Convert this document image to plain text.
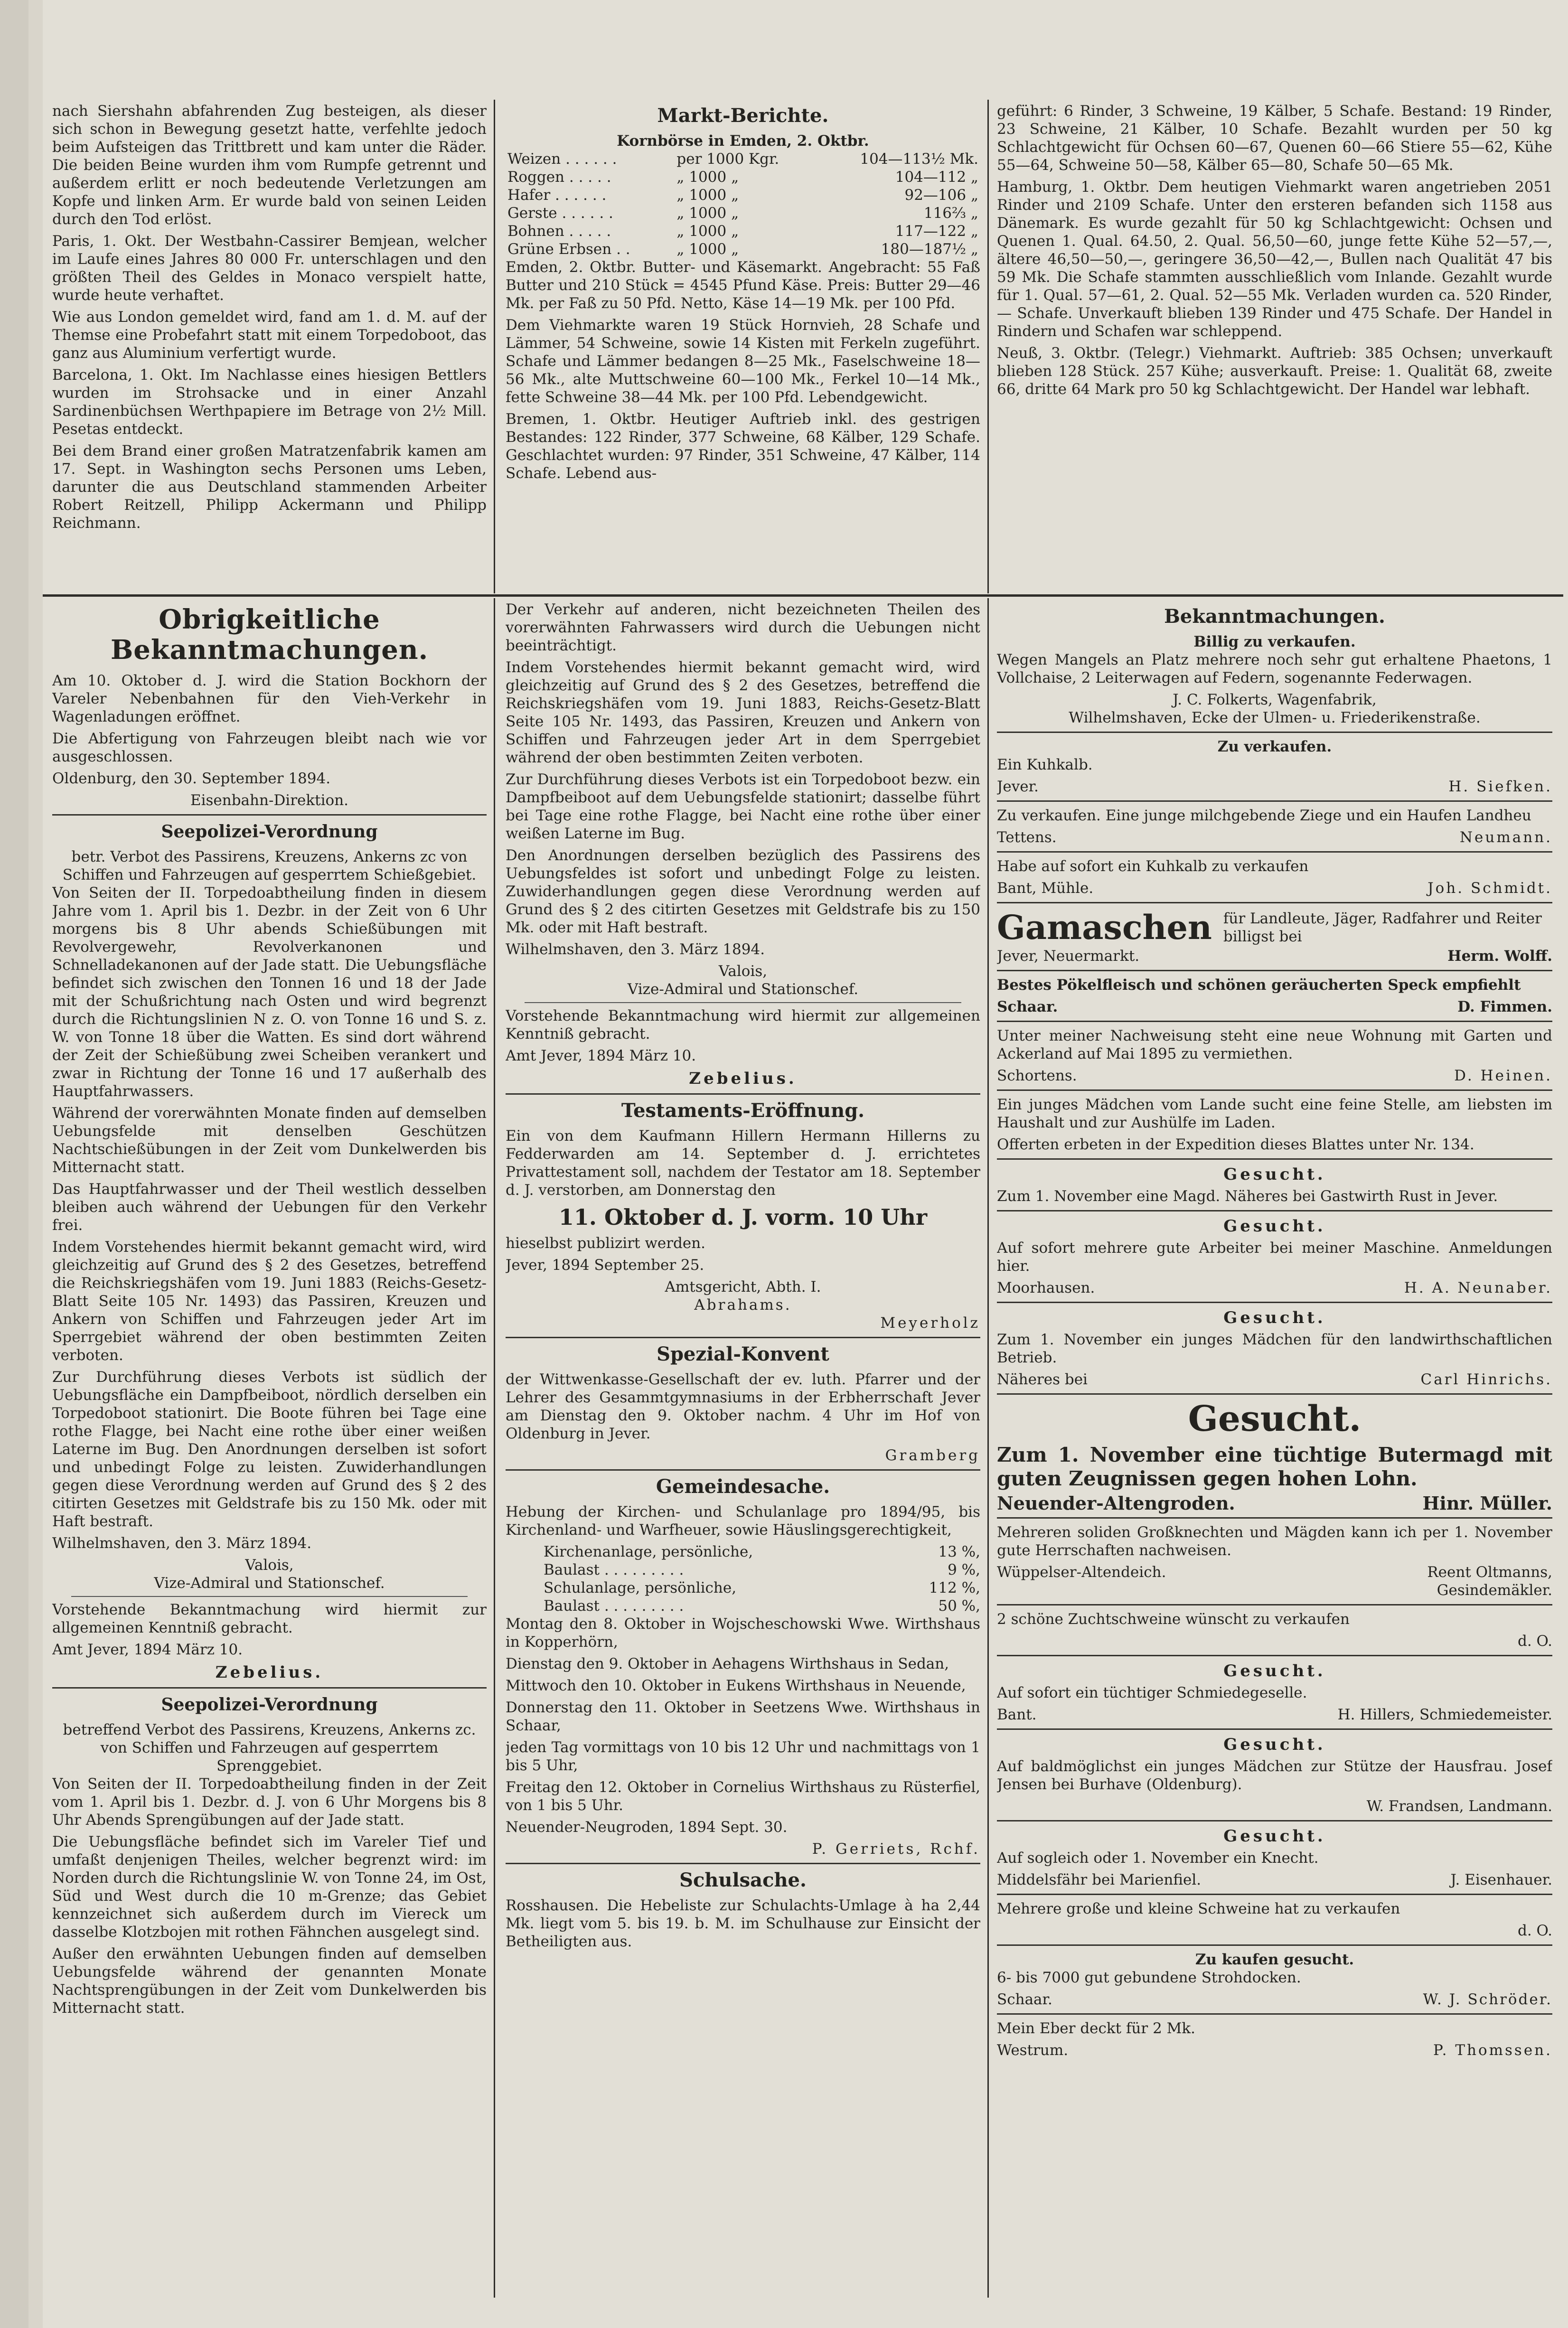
nach Siershahn abfahrenden Zug besteigen, als dieser sich schon in Bewegung gesetzt hatte, verfehlte jedoch beim Aufsteigen das Trittbrett und kam unter die Räder. Die beiden Beine wurden ihm vom Rumpfe getrennt und außerdem erlitt er noch bedeutende Verletzungen am Kopfe und linken Arm. Er wurde bald von seinen Leiden durch den Tod erlöst.

Paris, 1. Okt. Der Westbahn-Cassirer Bemjean, welcher im Laufe eines Jahres 80 000 Fr. unterschlagen und den größten Theil des Geldes in Monaco verspielt hatte, wurde heute verhaftet.

Wie aus London gemeldet wird, fand am 1. d. M. auf der Themse eine Probefahrt statt mit einem Torpedoboot, das ganz aus Aluminium verfertigt wurde.

Barcelona, 1. Okt. Im Nachlasse eines hiesigen Bettlers wurden im Strohsacke und in einer Anzahl Sardinenbüchsen Werthpapiere im Betrage von 2½ Mill. Pesetas entdeckt.

Bei dem Brand einer großen Matratzenfabrik kamen am 17. Sept. in Washington sechs Personen ums Leben, darunter die aus Deutschland stammenden Arbeiter Robert Reitzell, Philipp Ackermann und Philipp Reichmann.

Markt-Berichte.
Kornbörse in Emden, 2. Oktbr.
Weizen . . . . . .	per 1000 Kgr.	104—113½ Mk.
Roggen . . . . .	„ 1000 „	104—112 „
Hafer . . . . . .	„ 1000 „	92—106 „
Gerste . . . . . .	„ 1000 „	116⅔ „
Bohnen . . . . .	„ 1000 „	117—122 „
Grüne Erbsen . .	„ 1000 „	180—187½ „

Emden, 2. Oktbr. Butter- und Käsemarkt. Angebracht: 55 Faß Butter und 210 Stück = 4545 Pfund Käse. Preis: Butter 29—46 Mk. per Faß zu 50 Pfd. Netto, Käse 14—19 Mk. per 100 Pfd.

Dem Viehmarkte waren 19 Stück Hornvieh, 28 Schafe und Lämmer, 54 Schweine, sowie 14 Kisten mit Ferkeln zugeführt. Schafe und Lämmer bedangen 8—25 Mk., Faselschweine 18—56 Mk., alte Muttschweine 60—100 Mk., Ferkel 10—14 Mk., fette Schweine 38—44 Mk. per 100 Pfd. Lebendgewicht.

Bremen, 1. Oktbr. Heutiger Auftrieb inkl. des gestrigen Bestandes: 122 Rinder, 377 Schweine, 68 Kälber, 129 Schafe. Geschlachtet wurden: 97 Rinder, 351 Schweine, 47 Kälber, 114 Schafe. Lebend aus-

geführt: 6 Rinder, 3 Schweine, 19 Kälber, 5 Schafe. Bestand: 19 Rinder, 23 Schweine, 21 Kälber, 10 Schafe. Bezahlt wurden per 50 kg Schlachtgewicht für Ochsen 60—67, Quenen 60—66 Stiere 55—62, Kühe 55—64, Schweine 50—58, Kälber 65—80, Schafe 50—65 Mk.

Hamburg, 1. Oktbr. Dem heutigen Viehmarkt waren angetrieben 2051 Rinder und 2109 Schafe. Unter den ersteren befanden sich 1158 aus Dänemark. Es wurde gezahlt für 50 kg Schlachtgewicht: Ochsen und Quenen 1. Qual. 64.50, 2. Qual. 56,50—60, junge fette Kühe 52—57,—, ältere 46,50—50,—, geringere 36,50—42,—, Bullen nach Qualität 47 bis 59 Mk. Die Schafe stammten ausschließlich vom Inlande. Gezahlt wurde für 1. Qual. 57—61, 2. Qual. 52—55 Mk. Verladen wurden ca. 520 Rinder, — Schafe. Unverkauft blieben 139 Rinder und 475 Schafe. Der Handel in Rindern und Schafen war schleppend.

Neuß, 3. Oktbr. (Telegr.) Viehmarkt. Auftrieb: 385 Ochsen; unverkauft blieben 128 Stück. 257 Kühe; ausverkauft. Preise: 1. Qualität 68, zweite 66, dritte 64 Mark pro 50 kg Schlachtgewicht. Der Handel war lebhaft.

Obrigkeitliche Bekanntmachungen.

Am 10. Oktober d. J. wird die Station Bockhorn der Vareler Nebenbahnen für den Vieh-Verkehr in Wagenladungen eröffnet.

Die Abfertigung von Fahrzeugen bleibt nach wie vor ausgeschlossen.

Oldenburg, den 30. September 1894.

Eisenbahn-Direktion.
Seepolizei-Verordnung
betr. Verbot des Passirens, Kreuzens, Ankerns zc von Schiffen und Fahrzeugen auf gesperrtem Schießgebiet.

Von Seiten der II. Torpedoabtheilung finden in diesem Jahre vom 1. April bis 1. Dezbr. in der Zeit von 6 Uhr morgens bis 8 Uhr abends Schießübungen mit Revolvergewehr, Revolverkanonen und Schnelladekanonen auf der Jade statt. Die Uebungsfläche befindet sich zwischen den Tonnen 16 und 18 der Jade mit der Schußrichtung nach Osten und wird begrenzt durch die Richtungslinien N z. O. von Tonne 16 und S. z. W. von Tonne 18 über die Watten. Es sind dort während der Zeit der Schießübung zwei Scheiben verankert und zwar in Richtung der Tonne 16 und 17 außerhalb des Hauptfahrwassers.

Während der vorerwähnten Monate finden auf demselben Uebungsfelde mit denselben Geschützen Nachtschießübungen in der Zeit vom Dunkelwerden bis Mitternacht statt.

Das Hauptfahrwasser und der Theil westlich desselben bleiben auch während der Uebungen für den Verkehr frei.

Indem Vorstehendes hiermit bekannt gemacht wird, wird gleichzeitig auf Grund des § 2 des Gesetzes, betreffend die Reichskriegshäfen vom 19. Juni 1883 (Reichs-Gesetz-Blatt Seite 105 Nr. 1493) das Passiren, Kreuzen und Ankern von Schiffen und Fahrzeugen jeder Art im Sperrgebiet während der oben bestimmten Zeiten verboten.

Zur Durchführung dieses Verbots ist südlich der Uebungsfläche ein Dampfbeiboot, nördlich derselben ein Torpedoboot stationirt. Die Boote führen bei Tage eine rothe Flagge, bei Nacht eine rothe über einer weißen Laterne im Bug. Den Anordnungen derselben ist sofort und unbedingt Folge zu leisten. Zuwiderhandlungen gegen diese Verordnung werden auf Grund des § 2 des citirten Gesetzes mit Geldstrafe bis zu 150 Mk. oder mit Haft bestraft.

Wilhelmshaven, den 3. März 1894.

Valois,
Vize-Admiral und Stationschef.

Vorstehende Bekanntmachung wird hiermit zur allgemeinen Kenntniß gebracht.

Amt Jever, 1894 März 10.

Zebelius.
Seepolizei-Verordnung
betreffend Verbot des Passirens, Kreuzens, Ankerns zc. von Schiffen und Fahrzeugen auf gesperrtem Sprenggebiet.

Von Seiten der II. Torpedoabtheilung finden in der Zeit vom 1. April bis 1. Dezbr. d. J. von 6 Uhr Morgens bis 8 Uhr Abends Sprengübungen auf der Jade statt.

Die Uebungsfläche befindet sich im Vareler Tief und umfaßt denjenigen Theiles, welcher begrenzt wird: im Norden durch die Richtungslinie W. von Tonne 24, im Ost, Süd und West durch die 10 m-Grenze; das Gebiet kennzeichnet sich außerdem durch im Viereck um dasselbe Klotzbojen mit rothen Fähnchen ausgelegt sind.

Außer den erwähnten Uebungen finden auf demselben Uebungsfelde während der genannten Monate Nachtsprengübungen in der Zeit vom Dunkelwerden bis Mitternacht statt.

Der Verkehr auf anderen, nicht bezeichneten Theilen des vorerwähnten Fahrwassers wird durch die Uebungen nicht beeinträchtigt.

Indem Vorstehendes hiermit bekannt gemacht wird, wird gleichzeitig auf Grund des § 2 des Gesetzes, betreffend die Reichskriegshäfen vom 19. Juni 1883, Reichs-Gesetz-Blatt Seite 105 Nr. 1493, das Passiren, Kreuzen und Ankern von Schiffen und Fahrzeugen jeder Art in dem Sperrgebiet während der oben bestimmten Zeiten verboten.

Zur Durchführung dieses Verbots ist ein Torpedoboot bezw. ein Dampfbeiboot auf dem Uebungsfelde stationirt; dasselbe führt bei Tage eine rothe Flagge, bei Nacht eine rothe über einer weißen Laterne im Bug.

Den Anordnungen derselben bezüglich des Passirens des Uebungsfeldes ist sofort und unbedingt Folge zu leisten. Zuwiderhandlungen gegen diese Verordnung werden auf Grund des § 2 des citirten Gesetzes mit Geldstrafe bis zu 150 Mk. oder mit Haft bestraft.

Wilhelmshaven, den 3. März 1894.

Valois,
Vize-Admiral und Stationschef.

Vorstehende Bekanntmachung wird hiermit zur allgemeinen Kenntniß gebracht.

Amt Jever, 1894 März 10.

Zebelius.
Testaments-Eröffnung.

Ein von dem Kaufmann Hillern Hermann Hillerns zu Fedderwarden am 14. September d. J. errichtetes Privattestament soll, nachdem der Testator am 18. September d. J. verstorben, am Donnerstag den

11. Oktober d. J. vorm. 10 Uhr

hieselbst publizirt werden.

Jever, 1894 September 25.

Amtsgericht, Abth. I.
Abrahams.
Meyerholz
Spezial-Konvent

der Wittwenkasse-Gesellschaft der ev. luth. Pfarrer und der Lehrer des Gesammtgymnasiums in der Erbherrschaft Jever am Dienstag den 9. Oktober nachm. 4 Uhr im Hof von Oldenburg in Jever.

Gramberg
Gemeindesache.

Hebung der Kirchen- und Schulanlage pro 1894/95, bis Kirchenland- und Warfheuer, sowie Häuslingsgerechtigkeit,

Kirchenanlage, persönliche,	13 %,
Baulast . . . . . . . . .	9 %,
Schulanlage, persönliche,	112 %,
Baulast . . . . . . . . .	50 %,

Montag den 8. Oktober in Wojscheschowski Wwe. Wirthshaus in Kopperhörn,

Dienstag den 9. Oktober in Aehagens Wirthshaus in Sedan,

Mittwoch den 10. Oktober in Eukens Wirthshaus in Neuende,

Donnerstag den 11. Oktober in Seetzens Wwe. Wirthshaus in Schaar,

jeden Tag vormittags von 10 bis 12 Uhr und nachmittags von 1 bis 5 Uhr,

Freitag den 12. Oktober in Cornelius Wirthshaus zu Rüsterfiel, von 1 bis 5 Uhr.

Neuender-Neugroden, 1894 Sept. 30.

P. Gerriets, Rchf.
Schulsache.

Rosshausen. Die Hebeliste zur Schulachts-Umlage à ha 2,44 Mk. liegt vom 5. bis 19. b. M. im Schulhause zur Einsicht der Betheiligten aus.

Bekanntmachungen.
Billig zu verkaufen.

Wegen Mangels an Platz mehrere noch sehr gut erhaltene Phaetons, 1 Vollchaise, 2 Leiterwagen auf Federn, sogenannte Federwagen.

J. C. Folkerts, Wagenfabrik,
Wilhelmshaven, Ecke der Ulmen- u. Friederikenstraße.
Zu verkaufen.

Ein Kuhkalb.

Jever.	H. Siefken.

Zu verkaufen. Eine junge milchgebende Ziege und ein Haufen Landheu

Tettens.	Neumann.

Habe auf sofort ein Kuhkalb zu verkaufen

Bant, Mühle.	Joh. Schmidt.
Gamaschen für Landleute, Jäger, Radfahrer und Reiter billigst bei
Jever, Neuermarkt.	Herm. Wolff.

Bestes Pökelfleisch und schönen geräucherten Speck empfiehlt

Schaar.	D. Fimmen.

Unter meiner Nachweisung steht eine neue Wohnung mit Garten und Ackerland auf Mai 1895 zu vermiethen.

Schortens.	D. Heinen.

Ein junges Mädchen vom Lande sucht eine feine Stelle, am liebsten im Haushalt und zur Aushülfe im Laden.

Offerten erbeten in der Expedition dieses Blattes unter Nr. 134.

Gesucht.

Zum 1. November eine Magd. Näheres bei Gastwirth Rust in Jever.

Gesucht.

Auf sofort mehrere gute Arbeiter bei meiner Maschine. Anmeldungen hier.

Moorhausen.	H. A. Neunaber.
Gesucht.

Zum 1. November ein junges Mädchen für den landwirthschaftlichen Betrieb.

Näheres bei	Carl Hinrichs.
Gesucht.

Zum 1. November eine tüchtige Butermagd mit guten Zeugnissen gegen hohen Lohn.

Neuender-Altengroden.	Hinr. Müller.

Mehreren soliden Großknechten und Mägden kann ich per 1. November gute Herrschaften nachweisen.

Wüppelser-Altendeich.	Reent Oltmanns,
Gesindemäkler.

2 schöne Zuchtschweine wünscht zu verkaufen

d. O.
Gesucht.

Auf sofort ein tüchtiger Schmiedegeselle.

Bant.	H. Hillers, Schmiedemeister.
Gesucht.

Auf baldmöglichst ein junges Mädchen zur Stütze der Hausfrau. Josef Jensen bei Burhave (Oldenburg).

W. Frandsen, Landmann.
Gesucht.

Auf sogleich oder 1. November ein Knecht.

Middelsfähr bei Marienfiel.	J. Eisenhauer.

Mehrere große und kleine Schweine hat zu verkaufen

d. O.
Zu kaufen gesucht.

6- bis 7000 gut gebundene Strohdocken.

Schaar.	W. J. Schröder.

Mein Eber deckt für 2 Mk.

Westrum.	P. Thomssen.
